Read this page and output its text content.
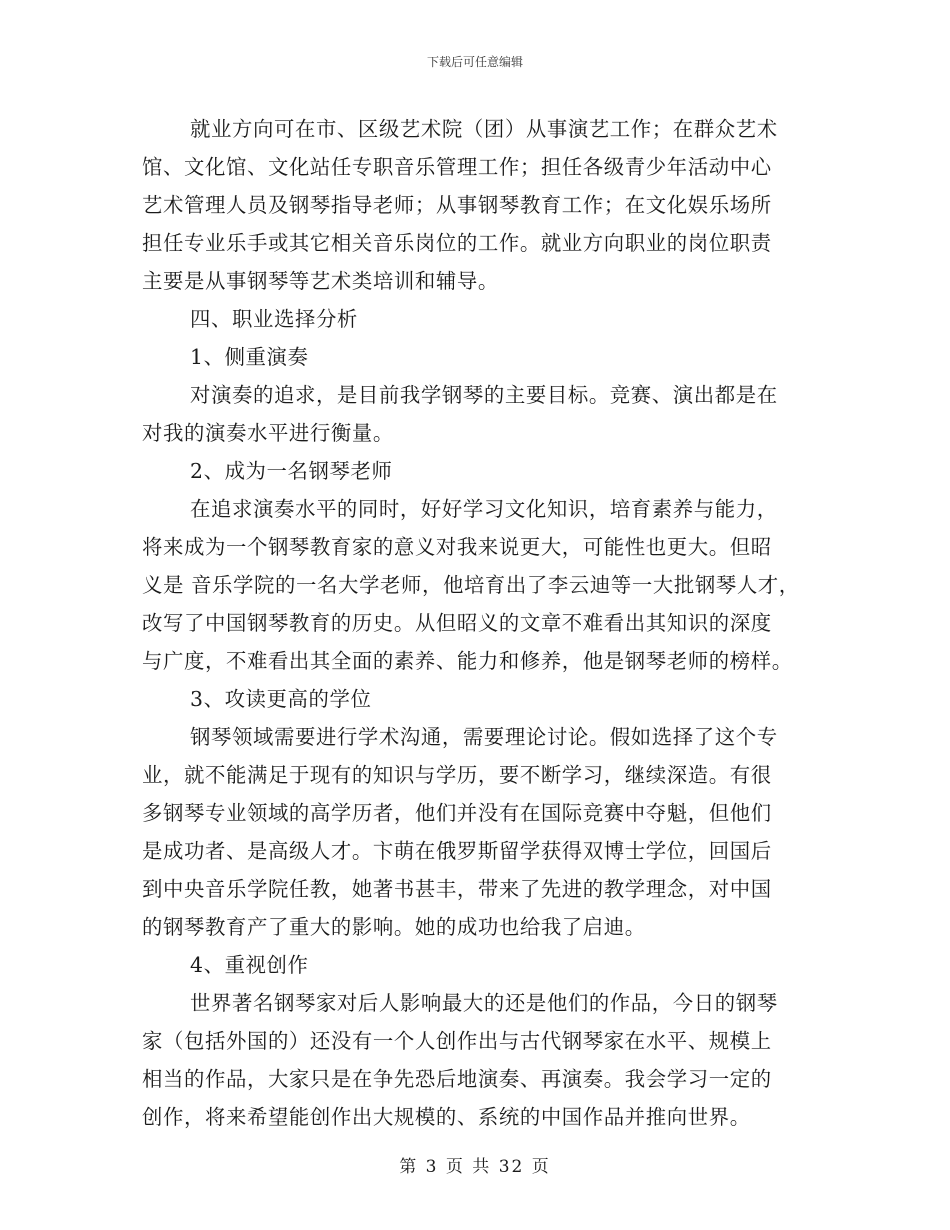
下载后可任意编辑
就业方向可在市、区级艺术院（团）从事演艺工作；在群众艺术
馆、文化馆、文化站任专职音乐管理工作；担任各级青少年活动中心
艺术管理人员及钢琴指导老师；从事钢琴教育工作；在文化娱乐场所
担任专业乐手或其它相关音乐岗位的工作。就业方向职业的岗位职责
主要是从事钢琴等艺术类培训和辅导。
四、职业选择分析
1、侧重演奏
对演奏的追求，是目前我学钢琴的主要目标。竞赛、演出都是在
对我的演奏水平进行衡量。
2、成为一名钢琴老师
在追求演奏水平的同时，好好学习文化知识，培育素养与能力，
将来成为一个钢琴教育家的意义对我来说更大，可能性也更大。但昭
义是 音乐学院的一名大学老师，他培育出了李云迪等一大批钢琴人才，
改写了中国钢琴教育的历史。从但昭义的文章不难看出其知识的深度
与广度，不难看出其全面的素养、能力和修养，他是钢琴老师的榜样。
3、攻读更高的学位
钢琴领域需要进行学术沟通，需要理论讨论。假如选择了这个专
业，就不能满足于现有的知识与学历，要不断学习，继续深造。有很
多钢琴专业领域的高学历者，他们并没有在国际竞赛中夺魁，但他们
是成功者、是高级人才。卞萌在俄罗斯留学获得双博士学位，回国后
到中央音乐学院任教，她著书甚丰，带来了先进的教学理念，对中国
的钢琴教育产了重大的影响。她的成功也给我了启迪。
4、重视创作
世界著名钢琴家对后人影响最大的还是他们的作品，今日的钢琴
家（包括外国的）还没有一个人创作出与古代钢琴家在水平、规模上
相当的作品，大家只是在争先恐后地演奏、再演奏。我会学习一定的
创作，将来希望能创作出大规模的、系统的中国作品并推向世界。
第 3 页 共 32 页
